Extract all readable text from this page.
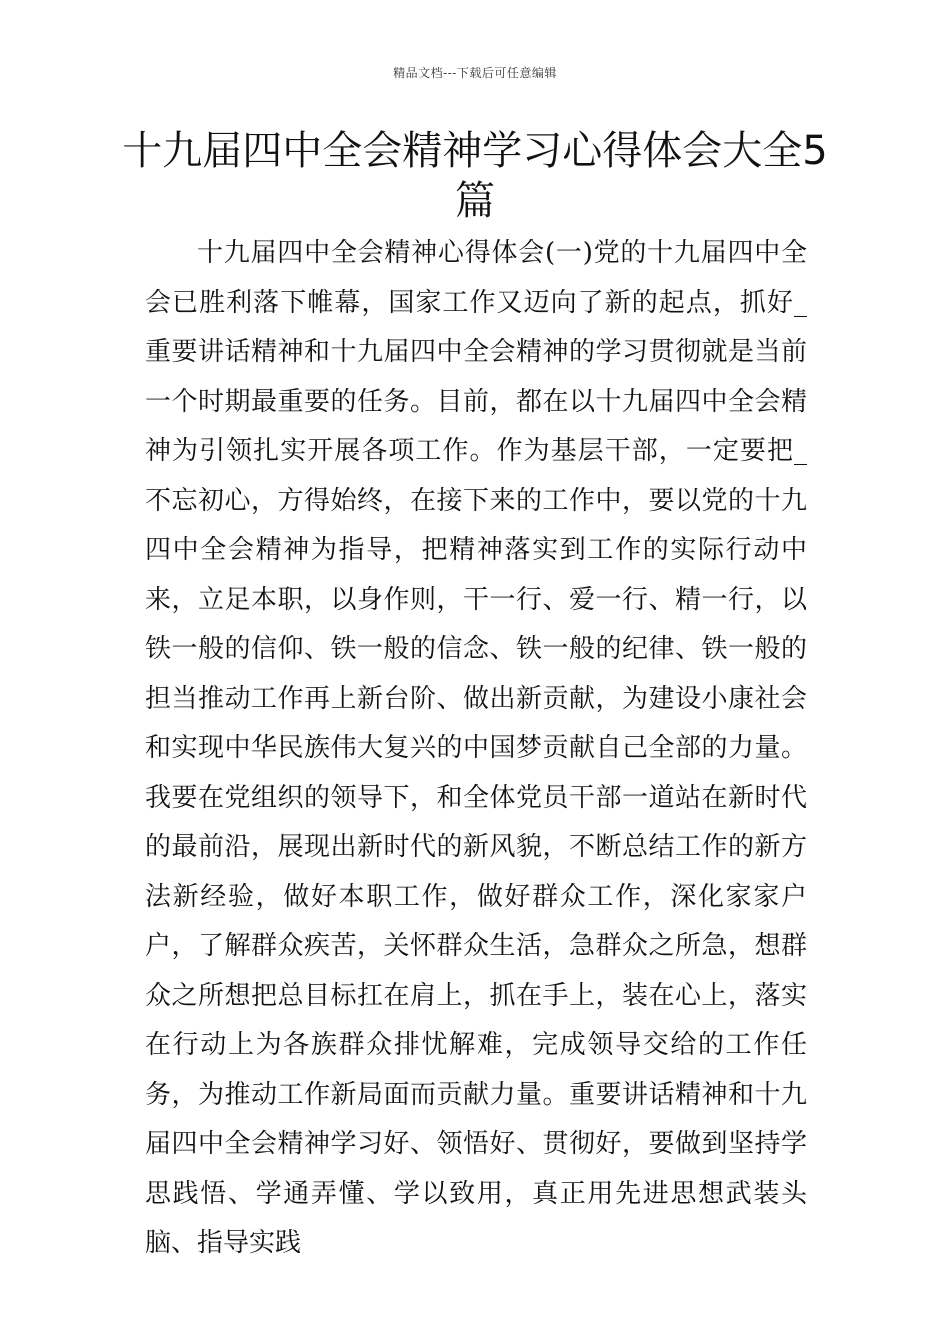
精品文档---下载后可任意编辑
十九届四中全会精神学习心得体会大全5篇

十九届四中全会精神心得体会(一)党的十九届四中全会已胜利落下帷幕，国家工作又迈向了新的起点，抓好_重要讲话精神和十九届四中全会精神的学习贯彻就是当前一个时期最重要的任务。目前，都在以十九届四中全会精神为引领扎实开展各项工作。作为基层干部，一定要把_不忘初心，方得始终，在接下来的工作中，要以党的十九四中全会精神为指导，把精神落实到工作的实际行动中来，立足本职，以身作则，干一行、爱一行、精一行，以铁一般的信仰、铁一般的信念、铁一般的纪律、铁一般的担当推动工作再上新台阶、做出新贡献，为建设小康社会和实现中华民族伟大复兴的中国梦贡献自己全部的力量。我要在党组织的领导下，和全体党员干部一道站在新时代的最前沿，展现出新时代的新风貌，不断总结工作的新方法新经验，做好本职工作，做好群众工作，深化家家户户，了解群众疾苦，关怀群众生活，急群众之所急，想群众之所想把总目标扛在肩上，抓在手上，装在心上，落实在行动上为各族群众排忧解难，完成领导交给的工作任务，为推动工作新局面而贡献力量。重要讲话精神和十九届四中全会精神学习好、领悟好、贯彻好，要做到坚持学思践悟、学通弄懂、学以致用，真正用先进思想武装头脑、指导实践
